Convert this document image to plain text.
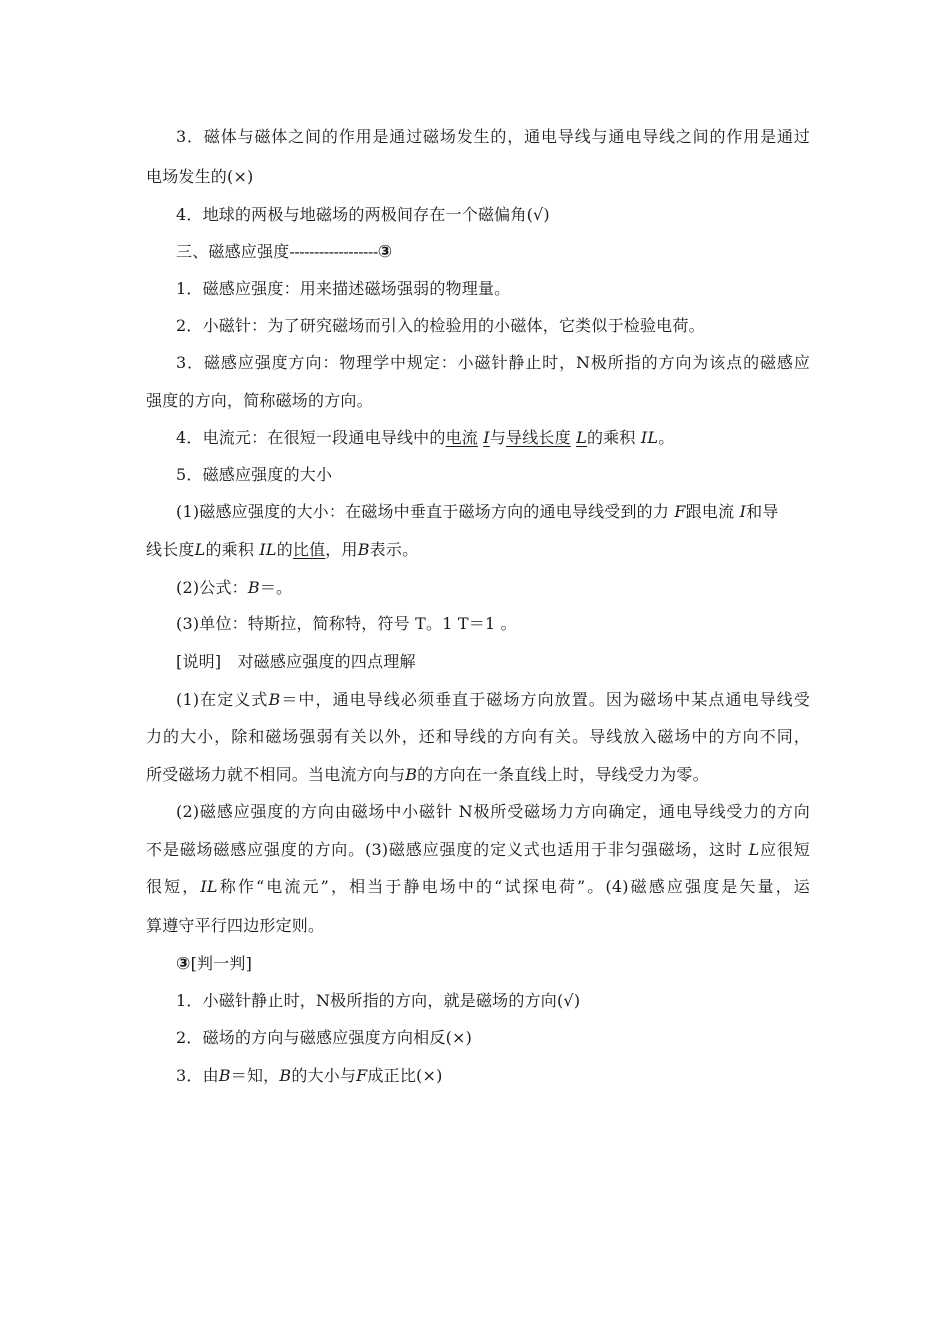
3．磁体与磁体之间的作用是通过磁场发生的，通电导线与通电导线之间的作用是通过
电场发生的(×)
4．地球的两极与地磁场的两极间存在一个磁偏角(√)
三、磁感应强度------------------③
1．磁感应强度：用来描述磁场强弱的物理量。
2．小磁针：为了研究磁场而引入的检验用的小磁体，它类似于检验电荷。
3．磁感应强度方向：物理学中规定：小磁针静止时，N极所指的方向为该点的磁感应
强度的方向，简称磁场的方向。
4．电流元：在很短一段通电导线中的电流 I与导线长度 L的乘积 IL。
5．磁感应强度的大小
(1)磁感应强度的大小：在磁场中垂直于磁场方向的通电导线受到的力 F跟电流 I和导
线长度L的乘积 IL的比值，用B表示。
(2)公式：B＝。
(3)单位：特斯拉，简称特，符号 T。1 T＝1 。
[说明]　对磁感应强度的四点理解
(1)在定义式B＝中，通电导线必须垂直于磁场方向放置。因为磁场中某点通电导线受
力的大小，除和磁场强弱有关以外，还和导线的方向有关。导线放入磁场中的方向不同，
所受磁场力就不相同。当电流方向与B的方向在一条直线上时，导线受力为零。
(2)磁感应强度的方向由磁场中小磁针 N极所受磁场力方向确定，通电导线受力的方向
不是磁场磁感应强度的方向。(3)磁感应强度的定义式也适用于非匀强磁场，这时 L应很短
很短，IL称作“电流元”，相当于静电场中的“试探电荷”。(4)磁感应强度是矢量，运
算遵守平行四边形定则。
③[判一判]
1．小磁针静止时，N极所指的方向，就是磁场的方向(√)
2．磁场的方向与磁感应强度方向相反(×)
3．由B＝知，B的大小与F成正比(×)
